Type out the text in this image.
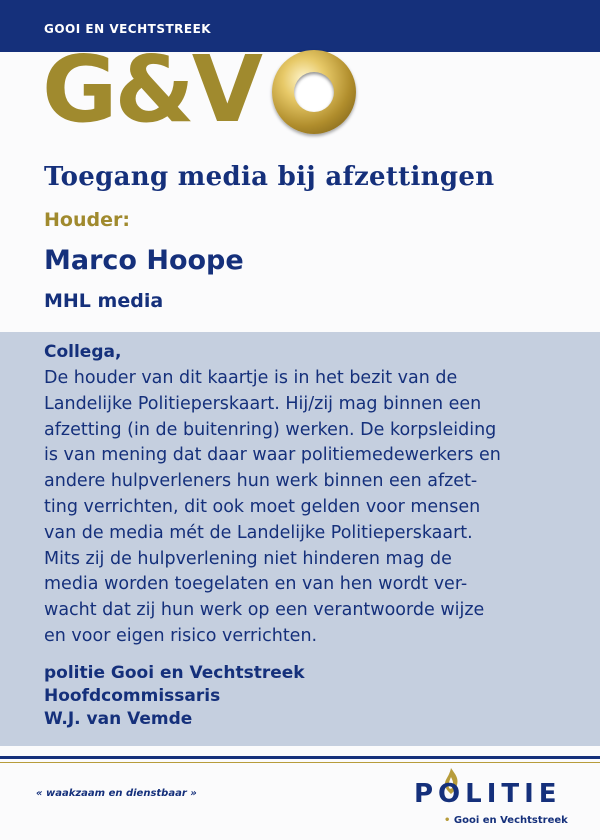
GOOI EN VECHTSTREEK
G&V
Toegang media bij afzettingen
Houder:
Marco Hoope
MHL media
Collega,
De houder van dit kaartje is in het bezit van de
Landelijke Politieperskaart. Hij/zij mag binnen een
afzetting (in de buitenring) werken. De korpsleiding
is van mening dat daar waar politiemedewerkers en
andere hulpverleners hun werk binnen een afzet-
ting verrichten, dit ook moet gelden voor mensen
van de media mét de Landelijke Politieperskaart.
Mits zij de hulpverlening niet hinderen mag de
media worden toegelaten en van hen wordt ver-
wacht dat zij hun werk op een verantwoorde wijze
en voor eigen risico verrichten.
politie Gooi en Vechtstreek
Hoofdcommissaris
W.J. van Vemde
« waakzaam en dienstbaar »	POLITIE
• Gooi en Vechtstreek
